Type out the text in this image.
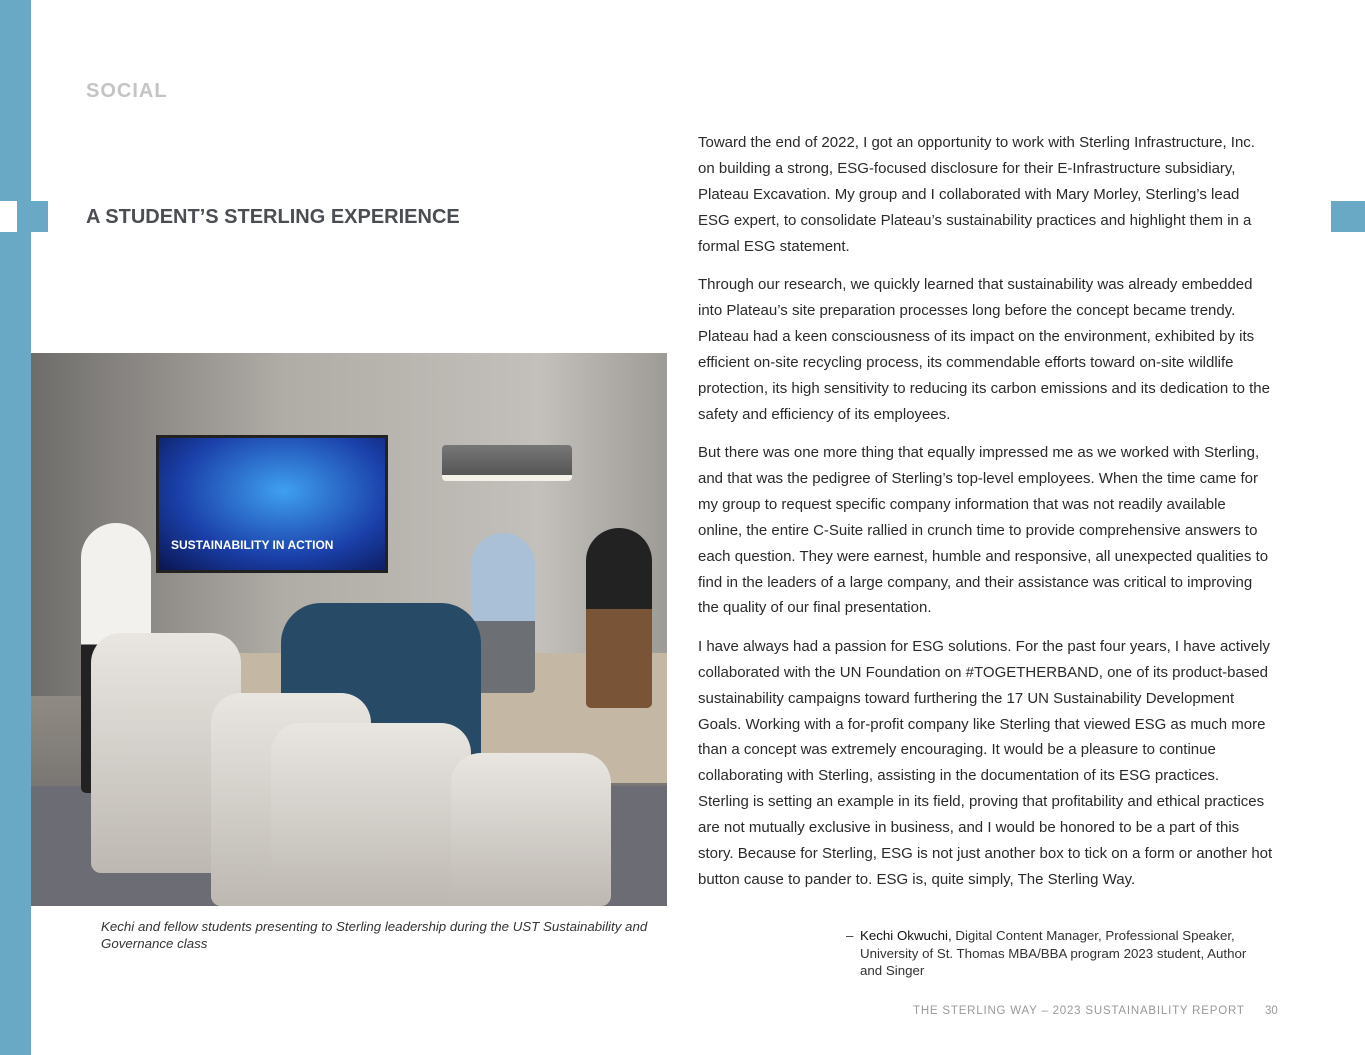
SOCIAL
A STUDENT’S STERLING EXPERIENCE
SUSTAINABILITY IN ACTION
Kechi and fellow students presenting to Sterling leadership during the UST Sustainability and Governance class

Toward the end of 2022, I got an opportunity to work with Sterling Infrastructure, Inc. on building a strong, ESG-focused disclosure for their E-Infrastructure subsidiary, Plateau Excavation. My group and I collaborated with Mary Morley, Sterling’s lead ESG expert, to consolidate Plateau’s sustainability practices and highlight them in a formal ESG statement.

Through our research, we quickly learned that sustainability was already embedded into Plateau’s site preparation processes long before the concept became trendy. Plateau had a keen consciousness of its impact on the environment, exhibited by its efficient on-site recycling process, its commendable efforts toward on-site wildlife protection, its high sensitivity to reducing its carbon emissions and its dedication to the safety and efficiency of its employees.

But there was one more thing that equally impressed me as we worked with Sterling, and that was the pedigree of Sterling’s top-level employees. When the time came for my group to request specific company information that was not readily available online, the entire C-Suite rallied in crunch time to provide comprehensive answers to each question. They were earnest, humble and responsive, all unexpected qualities to find in the leaders of a large company, and their assistance was critical to improving the quality of our final presentation.

I have always had a passion for ESG solutions. For the past four years, I have actively collaborated with the UN Foundation on #TOGETHERBAND, one of its product-based sustainability campaigns toward furthering the 17 UN Sustainability Development Goals. Working with a for-profit company like Sterling that viewed ESG as much more than a concept was extremely encouraging. It would be a pleasure to continue collaborating with Sterling, assisting in the documentation of its ESG practices. Sterling is setting an example in its field, proving that profitability and ethical practices are not mutually exclusive in business, and I would be honored to be a part of this story. Because for Sterling, ESG is not just another box to tick on a form or another hot button cause to pander to. ESG is, quite simply, The Sterling Way.

– Kechi Okwuchi, Digital Content Manager, Professional Speaker, University of St. Thomas MBA/BBA program 2023 student, Author and Singer
THE STERLING WAY – 2023 SUSTAINABILITY REPORT 30
